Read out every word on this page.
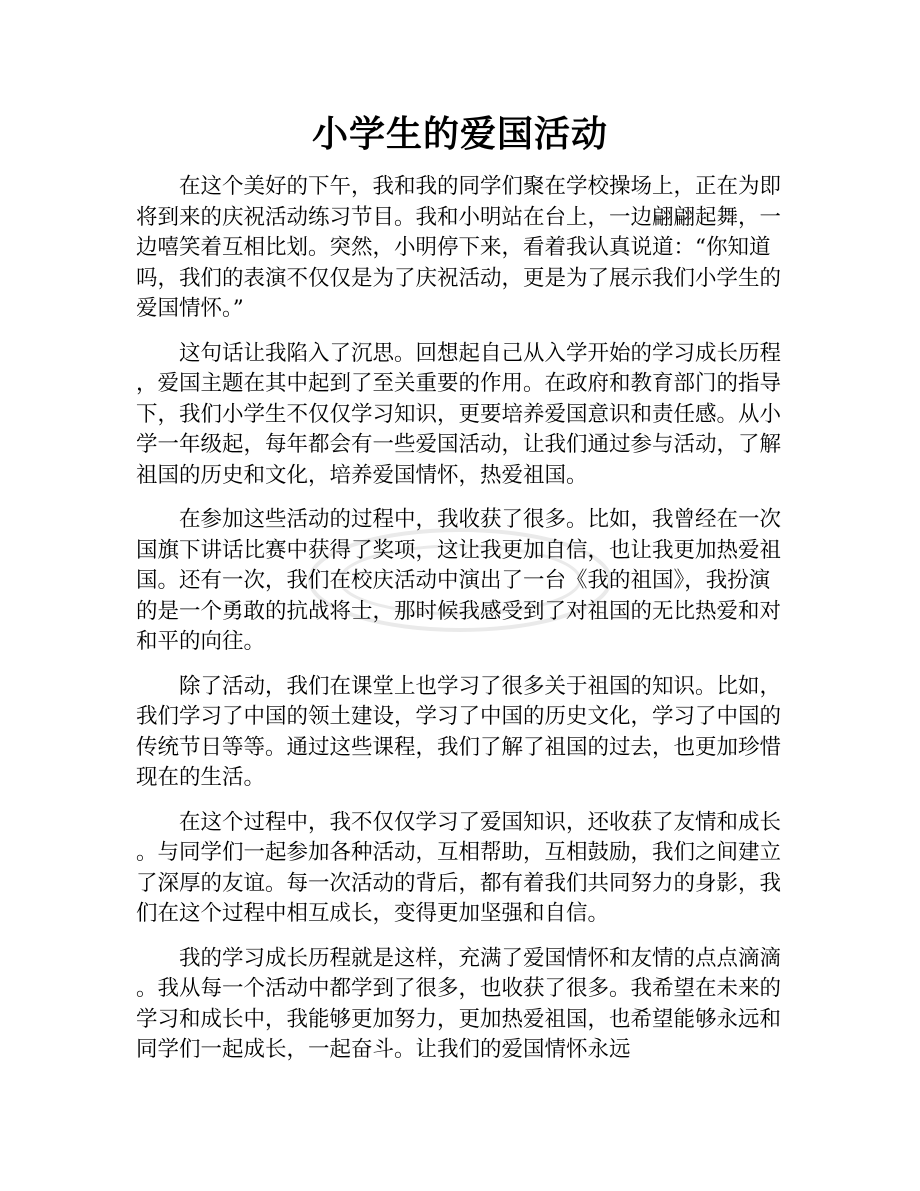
小学生的爱国活动

在这个美好的下午，我和我的同学们聚在学校操场上，正在为即将到来的庆祝活动练习节目。我和小明站在台上，一边翩翩起舞，一边嘻笑着互相比划。突然，小明停下来，看着我认真说道：“你知道吗，我们的表演不仅仅是为了庆祝活动，更是为了展示我们小学生的爱国情怀。”

这句话让我陷入了沉思。回想起自己从入学开始的学习成长历程，爱国主题在其中起到了至关重要的作用。在政府和教育部门的指导下，我们小学生不仅仅学习知识，更要培养爱国意识和责任感。从小学一年级起，每年都会有一些爱国活动，让我们通过参与活动，了解祖国的历史和文化，培养爱国情怀，热爱祖国。

在参加这些活动的过程中，我收获了很多。比如，我曾经在一次国旗下讲话比赛中获得了奖项，这让我更加自信，也让我更加热爱祖国。还有一次，我们在校庆活动中演出了一台《我的祖国》，我扮演的是一个勇敢的抗战将士，那时候我感受到了对祖国的无比热爱和对和平的向往。

除了活动，我们在课堂上也学习了很多关于祖国的知识。比如，我们学习了中国的领土建设，学习了中国的历史文化，学习了中国的传统节日等等。通过这些课程，我们了解了祖国的过去，也更加珍惜现在的生活。

在这个过程中，我不仅仅学习了爱国知识，还收获了友情和成长。与同学们一起参加各种活动，互相帮助，互相鼓励，我们之间建立了深厚的友谊。每一次活动的背后，都有着我们共同努力的身影，我们在这个过程中相互成长，变得更加坚强和自信。

我的学习成长历程就是这样，充满了爱国情怀和友情的点点滴滴。我从每一个活动中都学到了很多，也收获了很多。我希望在未来的学习和成长中，我能够更加努力，更加热爱祖国，也希望能够永远和同学们一起成长，一起奋斗。让我们的爱国情怀永远
